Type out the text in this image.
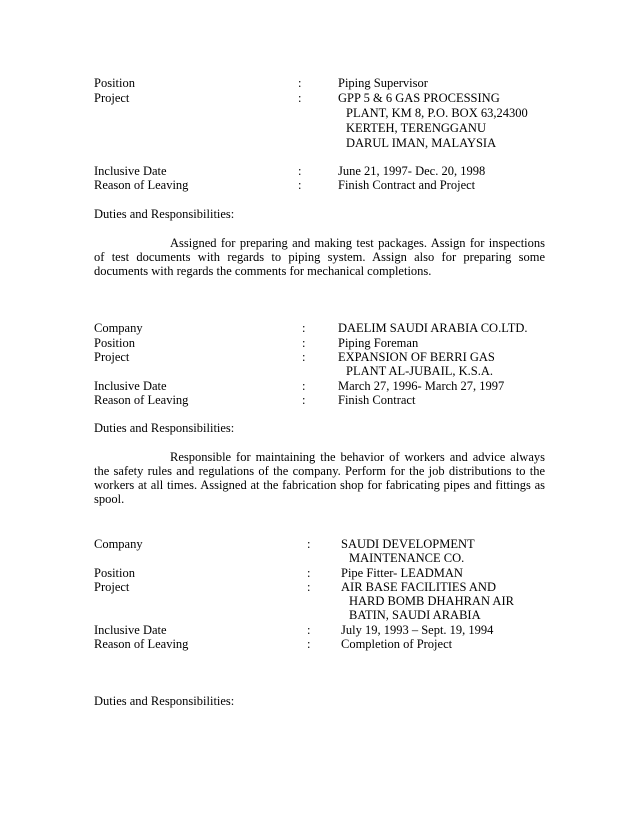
Position	:	Piping Supervisor
Project	:	GPP 5 & 6 GAS PROCESSING
PLANT, KM 8, P.O. BOX 63,24300
KERTEH, TERENGGANU
DARUL IMAN, MALAYSIA
Inclusive Date	:	June 21, 1997- Dec. 20, 1998
Reason of Leaving	:	Finish Contract and Project
Duties and Responsibilities:
Assigned for preparing and making test packages. Assign for inspections of test documents with regards to piping system. Assign also for preparing some documents with regards the comments for mechanical completions.
Company	:	DAELIM SAUDI ARABIA CO.LTD.
Position	:	Piping Foreman
Project	:	EXPANSION OF BERRI GAS
PLANT AL-JUBAIL, K.S.A.
Inclusive Date	:	March 27, 1996- March 27, 1997
Reason of Leaving	:	Finish Contract
Duties and Responsibilities:
Responsible for maintaining the behavior of workers and advice always the safety rules and regulations of the company. Perform for the job distributions to the workers at all times. Assigned at the fabrication shop for fabricating pipes and fittings as spool.
Company	: SAUDI DEVELOPMENT
MAINTENANCE CO.
Position	: Pipe Fitter- LEADMAN
Project	: AIR BASE FACILITIES AND
HARD BOMB DHAHRAN AIR
BATIN, SAUDI ARABIA
Inclusive Date	: July 19, 1993 – Sept. 19, 1994
Reason of Leaving	: Completion of Project
Duties and Responsibilities:
